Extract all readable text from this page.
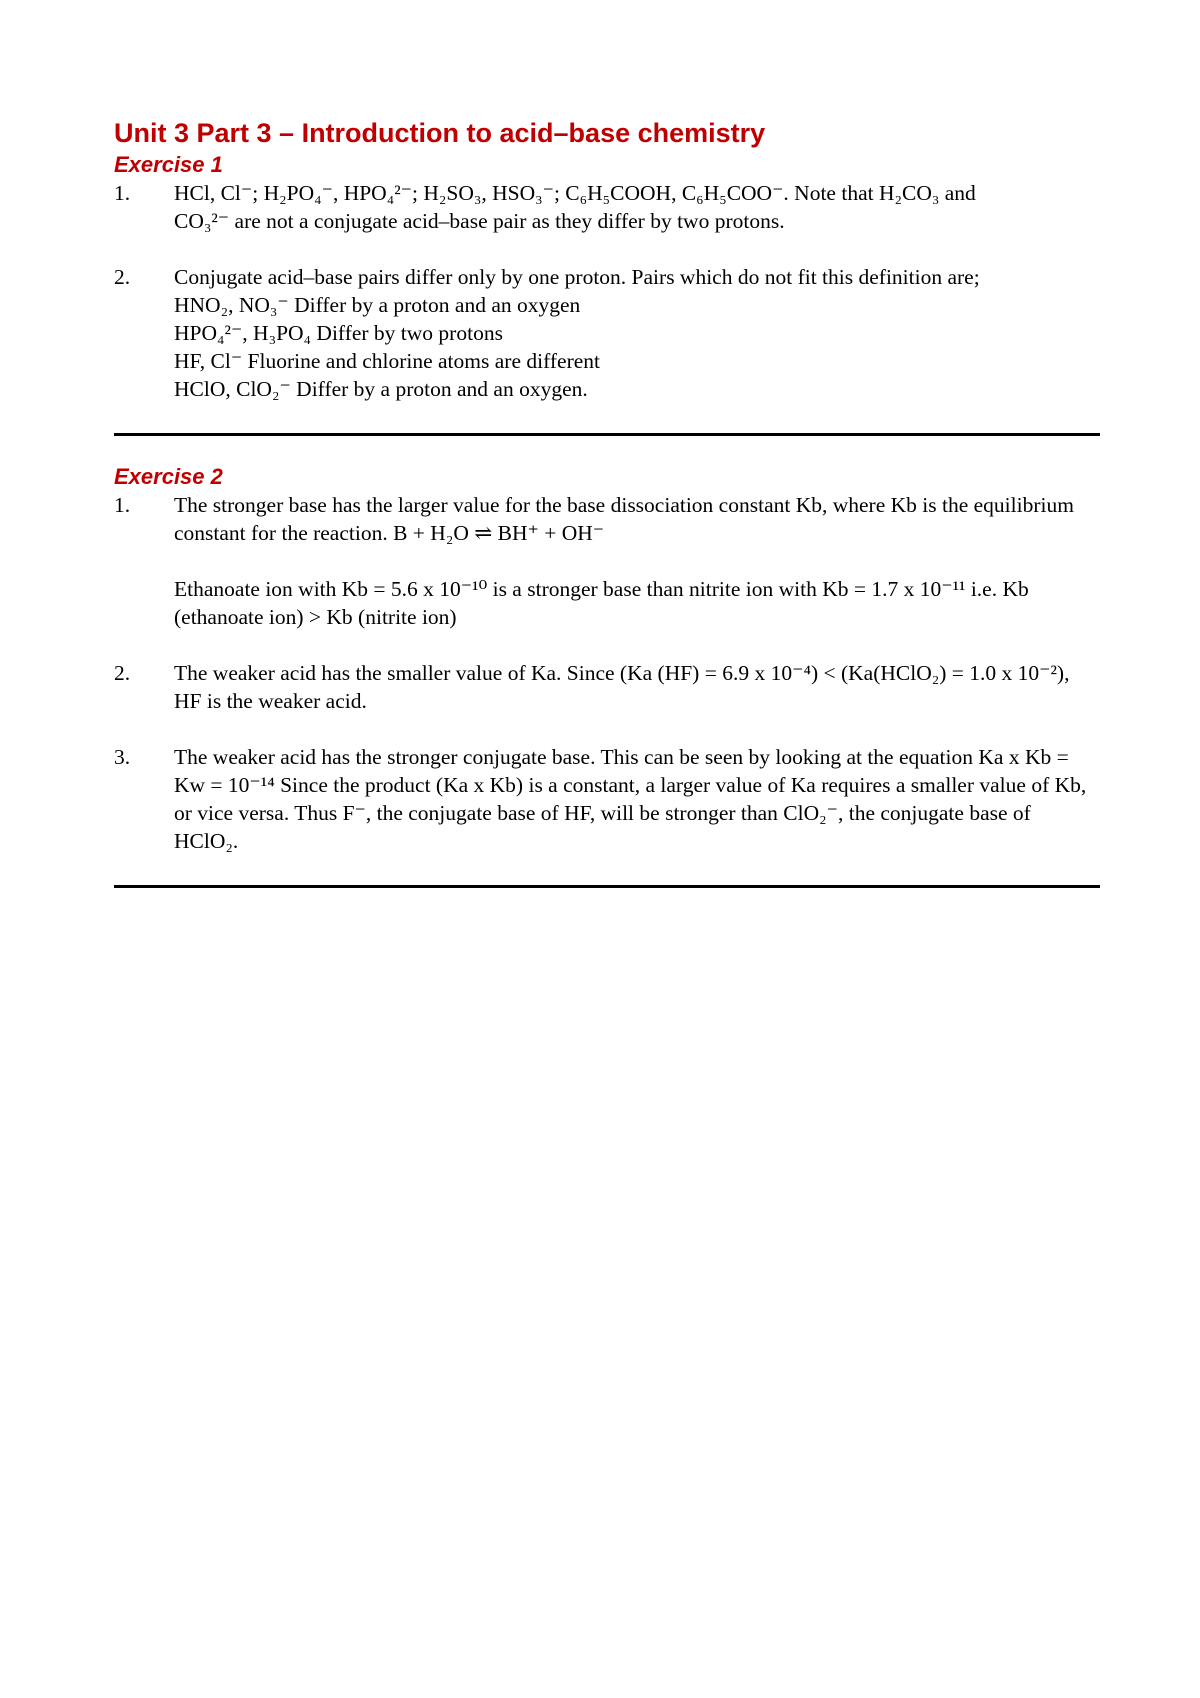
Unit 3 Part 3 – Introduction to acid–base chemistry
Exercise 1
1.	HCl, Cl⁻; H₂PO₄⁻, HPO₄²⁻; H₂SO₃, HSO₃⁻; C₆H₅COOH, C₆H₅COO⁻. Note that H₂CO₃ and
CO₃²⁻ are not a conjugate acid–base pair as they differ by two protons.
2.	Conjugate acid–base pairs differ only by one proton. Pairs which do not fit this definition are;
HNO₂, NO₃⁻ Differ by a proton and an oxygen
HPO₄²⁻, H₃PO₄ Differ by two protons
HF, Cl⁻ Fluorine and chlorine atoms are different
HClO, ClO₂⁻ Differ by a proton and an oxygen.
Exercise 2
1.	The stronger base has the larger value for the base dissociation constant Kb, where Kb is the equilibrium constant for the reaction. B + H₂O ⇌ BH⁺ + OH⁻
Ethanoate ion with Kb = 5.6 x 10⁻¹⁰ is a stronger base than nitrite ion with Kb = 1.7 x 10⁻¹¹ i.e. Kb (ethanoate ion) > Kb (nitrite ion)
2.	The weaker acid has the smaller value of Ka. Since (Ka (HF) = 6.9 x 10⁻⁴) < (Ka(HClO₂) = 1.0 x 10⁻²), HF is the weaker acid.
3.	The weaker acid has the stronger conjugate base. This can be seen by looking at the equation Ka x Kb = Kw = 10⁻¹⁴ Since the product (Ka x Kb) is a constant, a larger value of Ka requires a smaller value of Kb, or vice versa. Thus F⁻, the conjugate base of HF, will be stronger than ClO₂⁻, the conjugate base of HClO₂.
